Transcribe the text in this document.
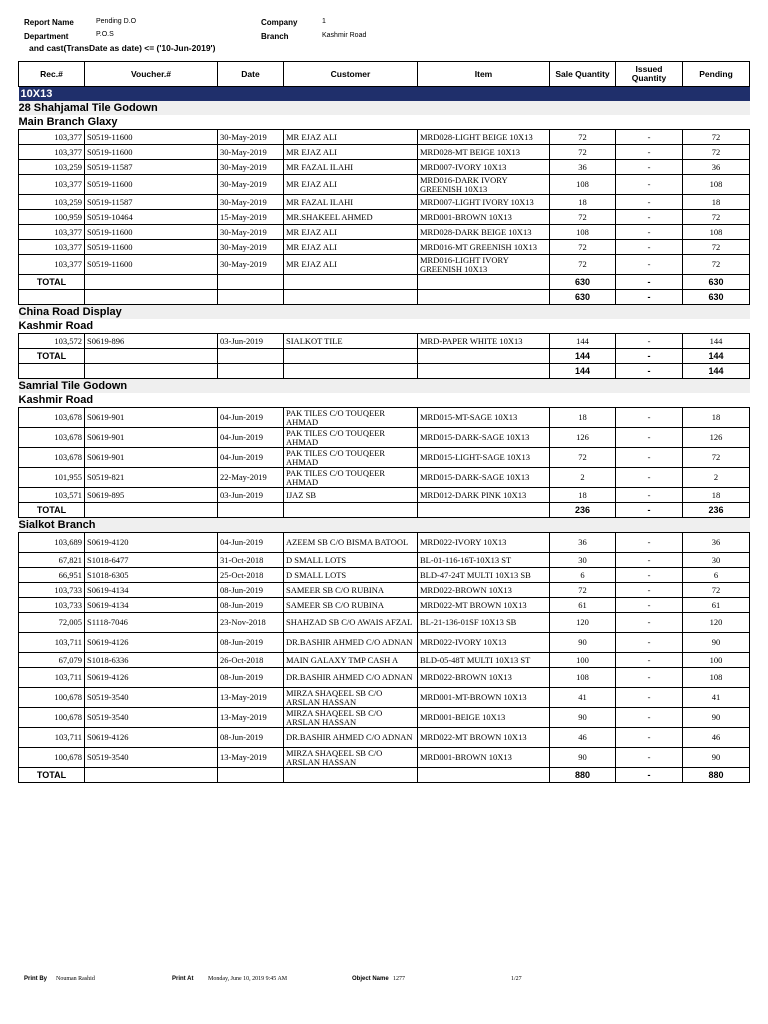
Report Name	Pending D.O
Department	P.O.S
Company	1
Branch	Kashmir Road
and cast(TransDate as date) <= ('10-Jun-2019')
Rec.#	Voucher.#	Date	Customer	Item	Sale Quantity	Issued Quantity	Pending
10X13							
28 Shahjamal Tile Godown							
Main Branch Glaxy							
103,377	S0519-11600	30-May-2019	MR EJAZ ALI	MRD028-LIGHT BEIGE 10X13	72	-	72
103,377	S0519-11600	30-May-2019	MR EJAZ ALI	MRD028-MT BEIGE 10X13	72	-	72
103,259	S0519-11587	30-May-2019	MR FAZAL ILAHI	MRD007-IVORY 10X13	36	-	36
103,377	S0519-11600	30-May-2019	MR EJAZ ALI	MRD016-DARK IVORY GREENISH 10X13	108	-	108
103,259	S0519-11587	30-May-2019	MR FAZAL ILAHI	MRD007-LIGHT IVORY 10X13	18	-	18
100,959	S0519-10464	15-May-2019	MR.SHAKEEL AHMED	MRD001-BROWN 10X13	72	-	72
103,377	S0519-11600	30-May-2019	MR EJAZ ALI	MRD028-DARK BEIGE 10X13	108	-	108
103,377	S0519-11600	30-May-2019	MR EJAZ ALI	MRD016-MT GREENISH 10X13	72	-	72
103,377	S0519-11600	30-May-2019	MR EJAZ ALI	MRD016-LIGHT IVORY GREENISH 10X13	72	-	72
TOTAL					630	-	630
					630	-	630
China Road Display							
Kashmir Road							
103,572	S0619-896	03-Jun-2019	SIALKOT TILE	MRD-PAPER WHITE 10X13	144	-	144
TOTAL					144	-	144
					144	-	144
Samrial Tile Godown							
Kashmir Road							
103,678	S0619-901	04-Jun-2019	PAK TILES C/O TOUQEER AHMAD	MRD015-MT-SAGE 10X13	18	-	18
103,678	S0619-901	04-Jun-2019	PAK TILES C/O TOUQEER AHMAD	MRD015-DARK-SAGE 10X13	126	-	126
103,678	S0619-901	04-Jun-2019	PAK TILES C/O TOUQEER AHMAD	MRD015-LIGHT-SAGE 10X13	72	-	72
101,955	S0519-821	22-May-2019	PAK TILES C/O TOUQEER AHMAD	MRD015-DARK-SAGE 10X13	2	-	2
103,571	S0619-895	03-Jun-2019	IJAZ SB	MRD012-DARK PINK 10X13	18	-	18
TOTAL					236	-	236
Sialkot Branch							
103,689	S0619-4120	04-Jun-2019	AZEEM SB C/O BISMA BATOOL	MRD022-IVORY 10X13	36	-	36
67,821	S1018-6477	31-Oct-2018	D SMALL LOTS	BL-01-116-16T-10X13 ST	30	-	30
66,951	S1018-6305	25-Oct-2018	D SMALL LOTS	BLD-47-24T MULTI 10X13 SB	6	-	6
103,733	S0619-4134	08-Jun-2019	SAMEER SB C/O RUBINA	MRD022-BROWN 10X13	72	-	72
103,733	S0619-4134	08-Jun-2019	SAMEER SB C/O RUBINA	MRD022-MT BROWN 10X13	61	-	61
72,005	S1118-7046	23-Nov-2018	SHAHZAD SB C/O AWAIS AFZAL	BL-21-136-01SF 10X13 SB	120	-	120
103,711	S0619-4126	08-Jun-2019	DR.BASHIR AHMED C/O ADNAN	MRD022-IVORY 10X13	90	-	90
67,079	S1018-6336	26-Oct-2018	MAIN GALAXY TMP CASH A	BLD-05-48T MULTI 10X13 ST	100	-	100
103,711	S0619-4126	08-Jun-2019	DR.BASHIR AHMED C/O ADNAN	MRD022-BROWN 10X13	108	-	108
100,678	S0519-3540	13-May-2019	MIRZA SHAQEEL SB C/O ARSLAN HASSAN	MRD001-MT-BROWN 10X13	41	-	41
100,678	S0519-3540	13-May-2019	MIRZA SHAQEEL SB C/O ARSLAN HASSAN	MRD001-BEIGE 10X13	90	-	90
103,711	S0619-4126	08-Jun-2019	DR.BASHIR AHMED C/O ADNAN	MRD022-MT BROWN 10X13	46	-	46
100,678	S0519-3540	13-May-2019	MIRZA SHAQEEL SB C/O ARSLAN HASSAN	MRD001-BROWN 10X13	90	-	90
TOTAL					880	-	880
Print By Nouman Rashid	Print At Monday, June 10, 2019 9:45 AM	Object Name 1277	1/27
